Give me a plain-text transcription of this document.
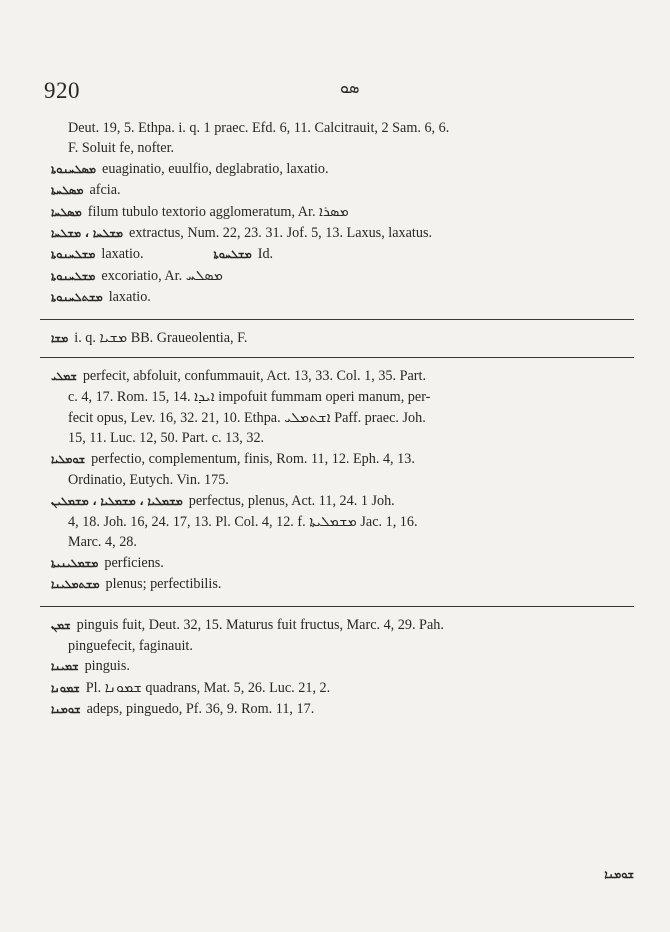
920	ܣܘ
Deut. 19, 5. Ethpa. i. q. 1 praec. Efd. 6, 11. Calcitrauit, 2 Sam. 6, 6.
F. Soluit fe, nofter.
ܡܣܠܚܢܘܬܐ euaginatio, euulfio, deglabratio, laxatio.
ܡܣܠܚܬܐ afcia.
ܡܣܠܚܐ filum tubulo textorio agglomeratum, Ar. ܡܣܪܐ
ܡܫܠܚܐ ، ܡܫܠܚܐ extractus, Num. 22, 23. 31. Jof. 5, 13. Laxus, laxatus.
ܡܫܠܚܢܘܬܐ laxatio.	ܡܫܠܚܘܬܐ Id.
ܡܫܠܚܢܘܬܐ excoriatio, Ar. ܡܣܠܚ
ܡܫܬܠܚܢܘܬܐ laxatio.
ܡܫܐ i. q. ܡܫܝܐ BB. Graueolentia, F.
ܫܡܠܝ perfecit, abfoluit, confummauit, Act. 13, 33. Col. 1, 35. Part.
c. 4, 17. Rom. 15, 14. ܐܝܕܐ impofuit fummam operi manum, per-
fecit opus, Lev. 16, 32. 21, 10. Ethpa. ܐܫܬܡܠܝ Paff. praec. Joh.
15, 11. Luc. 12, 50. Part. c. 13, 32.
ܫܘܡܠܝܐ perfectio, complementum, finis, Rom. 11, 12. Eph. 4, 13.
Ordinatio, Eutych. Vin. 175.
ܡܫܡܠܝܐ ، ܡܫܡܠܝܐ ، ܡܫܡܠܝܢ perfectus, plenus, Act. 11, 24. 1 Joh.
4, 18. Joh. 16, 24. 17, 13. Pl. Col. 4, 12. f. ܡܫܡܠܝܬܐ Jac. 1, 16.
Marc. 4, 28.
ܡܫܡܠܝܢܝܬܐ perficiens.
ܡܫܬܡܠܝܢܐ plenus; perfectibilis.
ܫܡܢ pinguis fuit, Deut. 32, 15. Maturus fuit fructus, Marc. 4, 29. Pah.
pinguefecit, faginauit.
ܫܡܝܢܐ pinguis.
ܫܡܘܢܐ Pl. ܫܡܘܢܐ quadrans, Mat. 5, 26. Luc. 21, 2.
ܫܘܡܢܐ adeps, pinguedo, Pf. 36, 9. Rom. 11, 17.
ܫܘܡܢܐ
